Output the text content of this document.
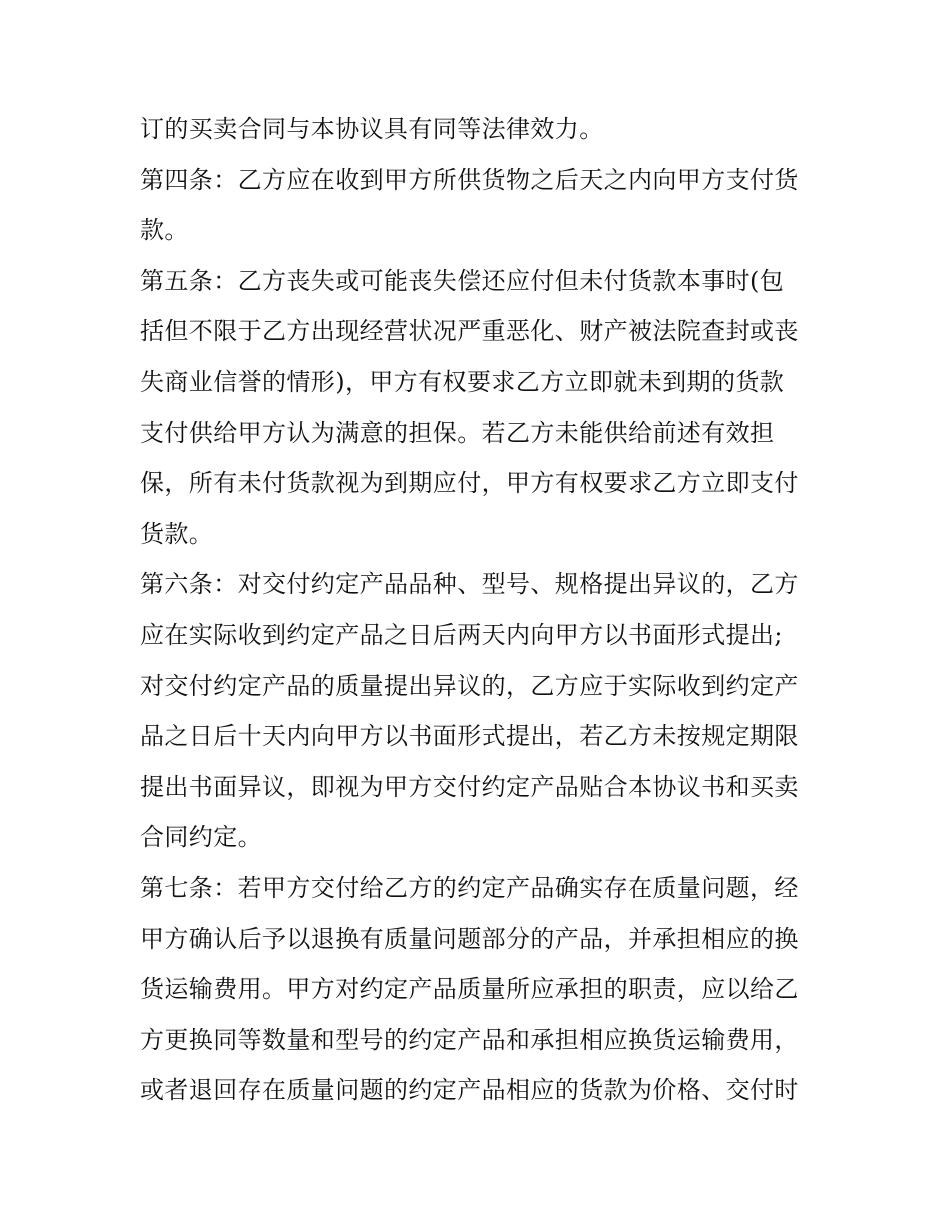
订的买卖合同与本协议具有同等法律效力。
第四条：乙方应在收到甲方所供货物之后天之内向甲方支付货
款。
第五条：乙方丧失或可能丧失偿还应付但未付货款本事时(包
括但不限于乙方出现经营状况严重恶化、财产被法院查封或丧
失商业信誉的情形)，甲方有权要求乙方立即就未到期的货款
支付供给甲方认为满意的担保。若乙方未能供给前述有效担
保，所有未付货款视为到期应付，甲方有权要求乙方立即支付
货款。
第六条：对交付约定产品品种、型号、规格提出异议的，乙方
应在实际收到约定产品之日后两天内向甲方以书面形式提出;
对交付约定产品的质量提出异议的，乙方应于实际收到约定产
品之日后十天内向甲方以书面形式提出，若乙方未按规定期限
提出书面异议，即视为甲方交付约定产品贴合本协议书和买卖
合同约定。
第七条：若甲方交付给乙方的约定产品确实存在质量问题，经
甲方确认后予以退换有质量问题部分的产品，并承担相应的换
货运输费用。甲方对约定产品质量所应承担的职责，应以给乙
方更换同等数量和型号的约定产品和承担相应换货运输费用，
或者退回存在质量问题的约定产品相应的货款为价格、交付时
